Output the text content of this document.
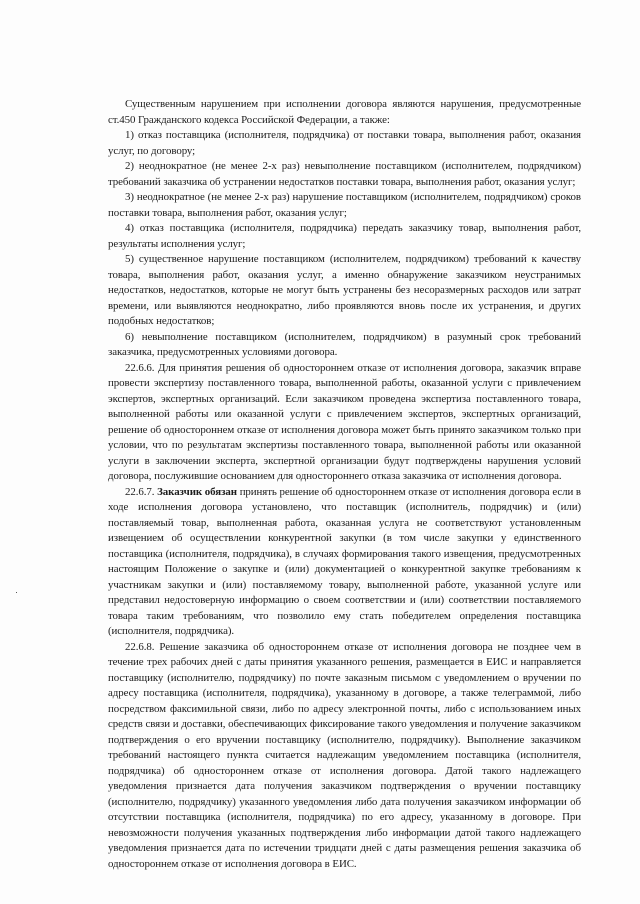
Существенным нарушением при исполнении договора являются нарушения, предусмотренные ст.450 Гражданского кодекса Российской Федерации, а также:

1) отказ поставщика (исполнителя, подрядчика) от поставки товара, выполнения работ, оказания услуг, по договору;

2) неоднократное (не менее 2-х раз) невыполнение поставщиком (исполнителем, подрядчиком) требований заказчика об устранении недостатков поставки товара, выполнения работ, оказания услуг;

3) неоднократное (не менее 2-х раз) нарушение поставщиком (исполнителем, подрядчиком) сроков поставки товара, выполнения работ, оказания услуг;

4) отказ поставщика (исполнителя, подрядчика) передать заказчику товар, выполнения работ, результаты исполнения услуг;

5) существенное нарушение поставщиком (исполнителем, подрядчиком) требований к качеству товара, выполнения работ, оказания услуг, а именно обнаружение заказчиком неустранимых недостатков, недостатков, которые не могут быть устранены без несоразмерных расходов или затрат времени, или выявляются неоднократно, либо проявляются вновь после их устранения, и других подобных недостатков;

6) невыполнение поставщиком (исполнителем, подрядчиком) в разумный срок требований заказчика, предусмотренных условиями договора.

22.6.6. Для принятия решения об одностороннем отказе от исполнения договора, заказчик вправе провести экспертизу поставленного товара, выполненной работы, оказанной услуги с привлечением экспертов, экспертных организаций. Если заказчиком проведена экспертиза поставленного товара, выполненной работы или оказанной услуги с привлечением экспертов, экспертных организаций, решение об одностороннем отказе от исполнения договора может быть принято заказчиком только при условии, что по результатам экспертизы поставленного товара, выполненной работы или оказанной услуги в заключении эксперта, экспертной организации будут подтверждены нарушения условий договора, послужившие основанием для одностороннего отказа заказчика от исполнения договора.

22.6.7. Заказчик обязан принять решение об одностороннем отказе от исполнения договора если в ходе исполнения договора установлено, что поставщик (исполнитель, подрядчик) и (или) поставляемый товар, выполненная работа, оказанная услуга не соответствуют установленным извещением об осуществлении конкурентной закупки (в том числе закупки у единственного поставщика (исполнителя, подрядчика), в случаях формирования такого извещения, предусмотренных настоящим Положение о закупке и (или) документацией о конкурентной закупке требованиям к участникам закупки и (или) поставляемому товару, выполненной работе, указанной услуге или представил недостоверную информацию о своем соответствии и (или) соответствии поставляемого товара таким требованиям, что позволило ему стать победителем определения поставщика (исполнителя, подрядчика).

22.6.8. Решение заказчика об одностороннем отказе от исполнения договора не позднее чем в течение трех рабочих дней с даты принятия указанного решения, размещается в ЕИС и направляется поставщику (исполнителю, подрядчику) по почте заказным письмом с уведомлением о вручении по адресу поставщика (исполнителя, подрядчика), указанному в договоре, а также телеграммой, либо посредством факсимильной связи, либо по адресу электронной почты, либо с использованием иных средств связи и доставки, обеспечивающих фиксирование такого уведомления и получение заказчиком подтверждения о его вручении поставщику (исполнителю, подрядчику). Выполнение заказчиком требований настоящего пункта считается надлежащим уведомлением поставщика (исполнителя, подрядчика) об одностороннем отказе от исполнения договора. Датой такого надлежащего уведомления признается дата получения заказчиком подтверждения о вручении поставщику (исполнителю, подрядчику) указанного уведомления либо дата получения заказчиком информации об отсутствии поставщика (исполнителя, подрядчика) по его адресу, указанному в договоре. При невозможности получения указанных подтверждения либо информации датой такого надлежащего уведомления признается дата по истечении тридцати дней с даты размещения решения заказчика об одностороннем отказе от исполнения договора в ЕИС.
